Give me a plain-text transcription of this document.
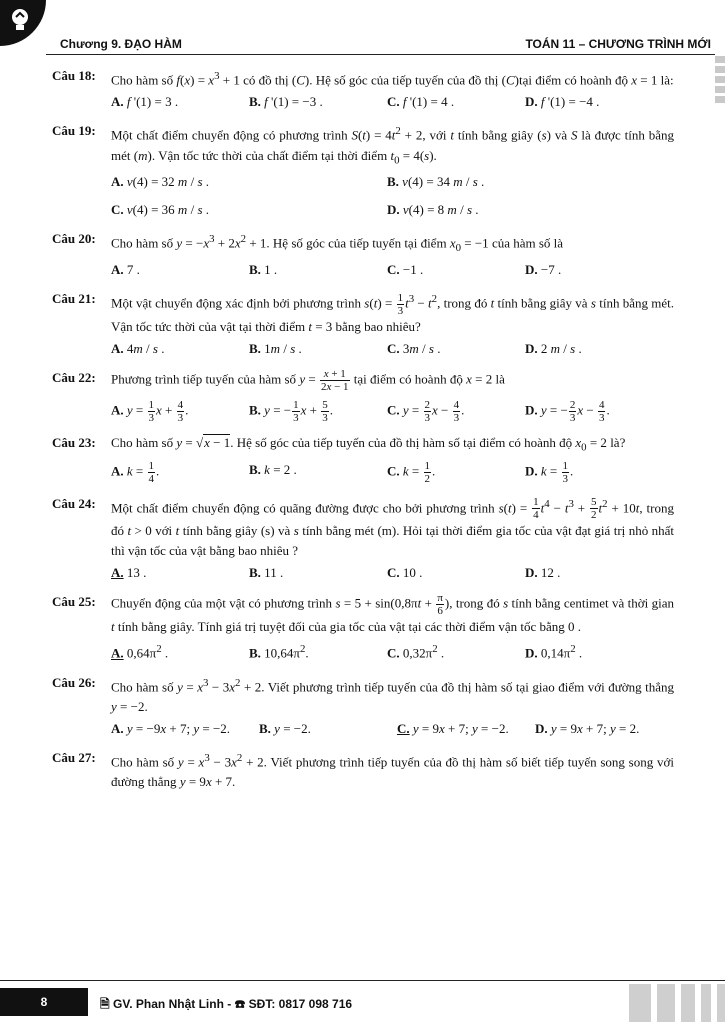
Chương 9. ĐẠO HÀM	TOÁN 11 – CHƯƠNG TRÌNH MỚI
Câu 18: Cho hàm số $f(x) = x^3 + 1$ có đồ thị (C). Hệ số góc của tiếp tuyến của đồ thị (C)tại điểm có hoành độ x = 1 là:
A. f '(1) = 3 .	B. f '(1) = −3 .	C. f '(1) = 4 .	D. f '(1) = −4 .
Câu 19: Một chất điểm chuyển động có phương trình $S(t) = 4t^2 + 2$, với t tính bằng giây (s) và S là được tính bằng mét (m). Vận tốc tức thời của chất điểm tại thời điểm $t_0 = 4(s)$.
A. v(4) = 32 m / s .	B. v(4) = 34 m / s .
C. v(4) = 36 m / s .	D. v(4) = 8 m / s .
Câu 20: Cho hàm số $y = -x^3 + 2x^2 + 1$. Hệ số góc của tiếp tuyến tại điểm $x_0 = -1$ của hàm số là
A. 7 .	B. 1 .	C. −1 .	D. −7 .
Câu 21: Một vật chuyển động xác định bởi phương trình $s(t) = \frac{1}{3} t^3 - t^2$, trong đó t tính bằng giây và s tính bằng mét. Vận tốc tức thời của vật tại thời điểm t = 3 bằng bao nhiêu?
A. 4m / s .	B. 1m / s .	C. 3m / s .	D. 2 m / s .
Câu 22: Phương trình tiếp tuyến của hàm số $y = \frac{x + 1}{2x - 1}$ tại điểm có hoành độ x = 2 là
A. $y = \frac{1}{3}$ $x + \frac{4}{3}$ .	B. y = − $\frac{1}{3}$ $x + \frac{5}{3}$ .	C. $y = \frac{2}{3}$ $x - \frac{4}{3}$ .	D. y = − $\frac{2}{3}$ $x - \frac{4}{3}$ .
Câu 23: Cho hàm số y = √x − 1. Hệ số góc của tiếp tuyến của đồ thị hàm số tại điểm có hoành độ $x_0 = 2$ là?
A. $k = \frac{1}{4}$ .	B. k = 2 .	C. $k = \frac{1}{2}$ .	D. $k = \frac{1}{3}$ .
Câu 24: Một chất điểm chuyển động có quãng đường được cho bởi phương trình $s(t) = \frac{1}{4} t^4 - t^3 + \frac{5}{2} t^2 + 10t$, trong đó t > 0 với t tính bằng giây (s) và s tính bằng mét (m). Hỏi tại thời điểm gia tốc của vật đạt giá trị nhỏ nhất thì vận tốc của vật bằng bao nhiêu ?
A. 13 .	B. 11 .	C. 10 .	D. 12 .
Câu 25: Chuyển động của một vật có phương trình $s = 5 + \sin(0,8\pi t + \frac{\pi}{6}$ ), trong đó s tính bằng centimet và thời gian t tính bằng giây. Tính giá trị tuyệt đối của gia tốc của vật tại các thời điểm vận tốc bằng 0 .
A. $0,64\pi^2$ .	B. $10,64\pi^2$.	C. $0,32\pi^2$ .	D. $0,14\pi^2$ .
Câu 26: Cho hàm số $y = x^3 - 3x^2 + 2$. Viết phương trình tiếp tuyến của đồ thị hàm số tại giao điểm với đường thẳng y = −2.
A. y = −9x + 7; y = −2.	B. y = −2.	C. y = 9x + 7; y = −2.	D. y = 9x + 7; y = 2.
Câu 27: Cho hàm số $y = x^3 - 3x^2 + 2$. Viết phương trình tiếp tuyến của đồ thị hàm số biết tiếp tuyến song song với đường thẳng y = 9x + 7.
8	🗎 GV. Phan Nhật Linh - ☎ SĐT: 0817 098 716
